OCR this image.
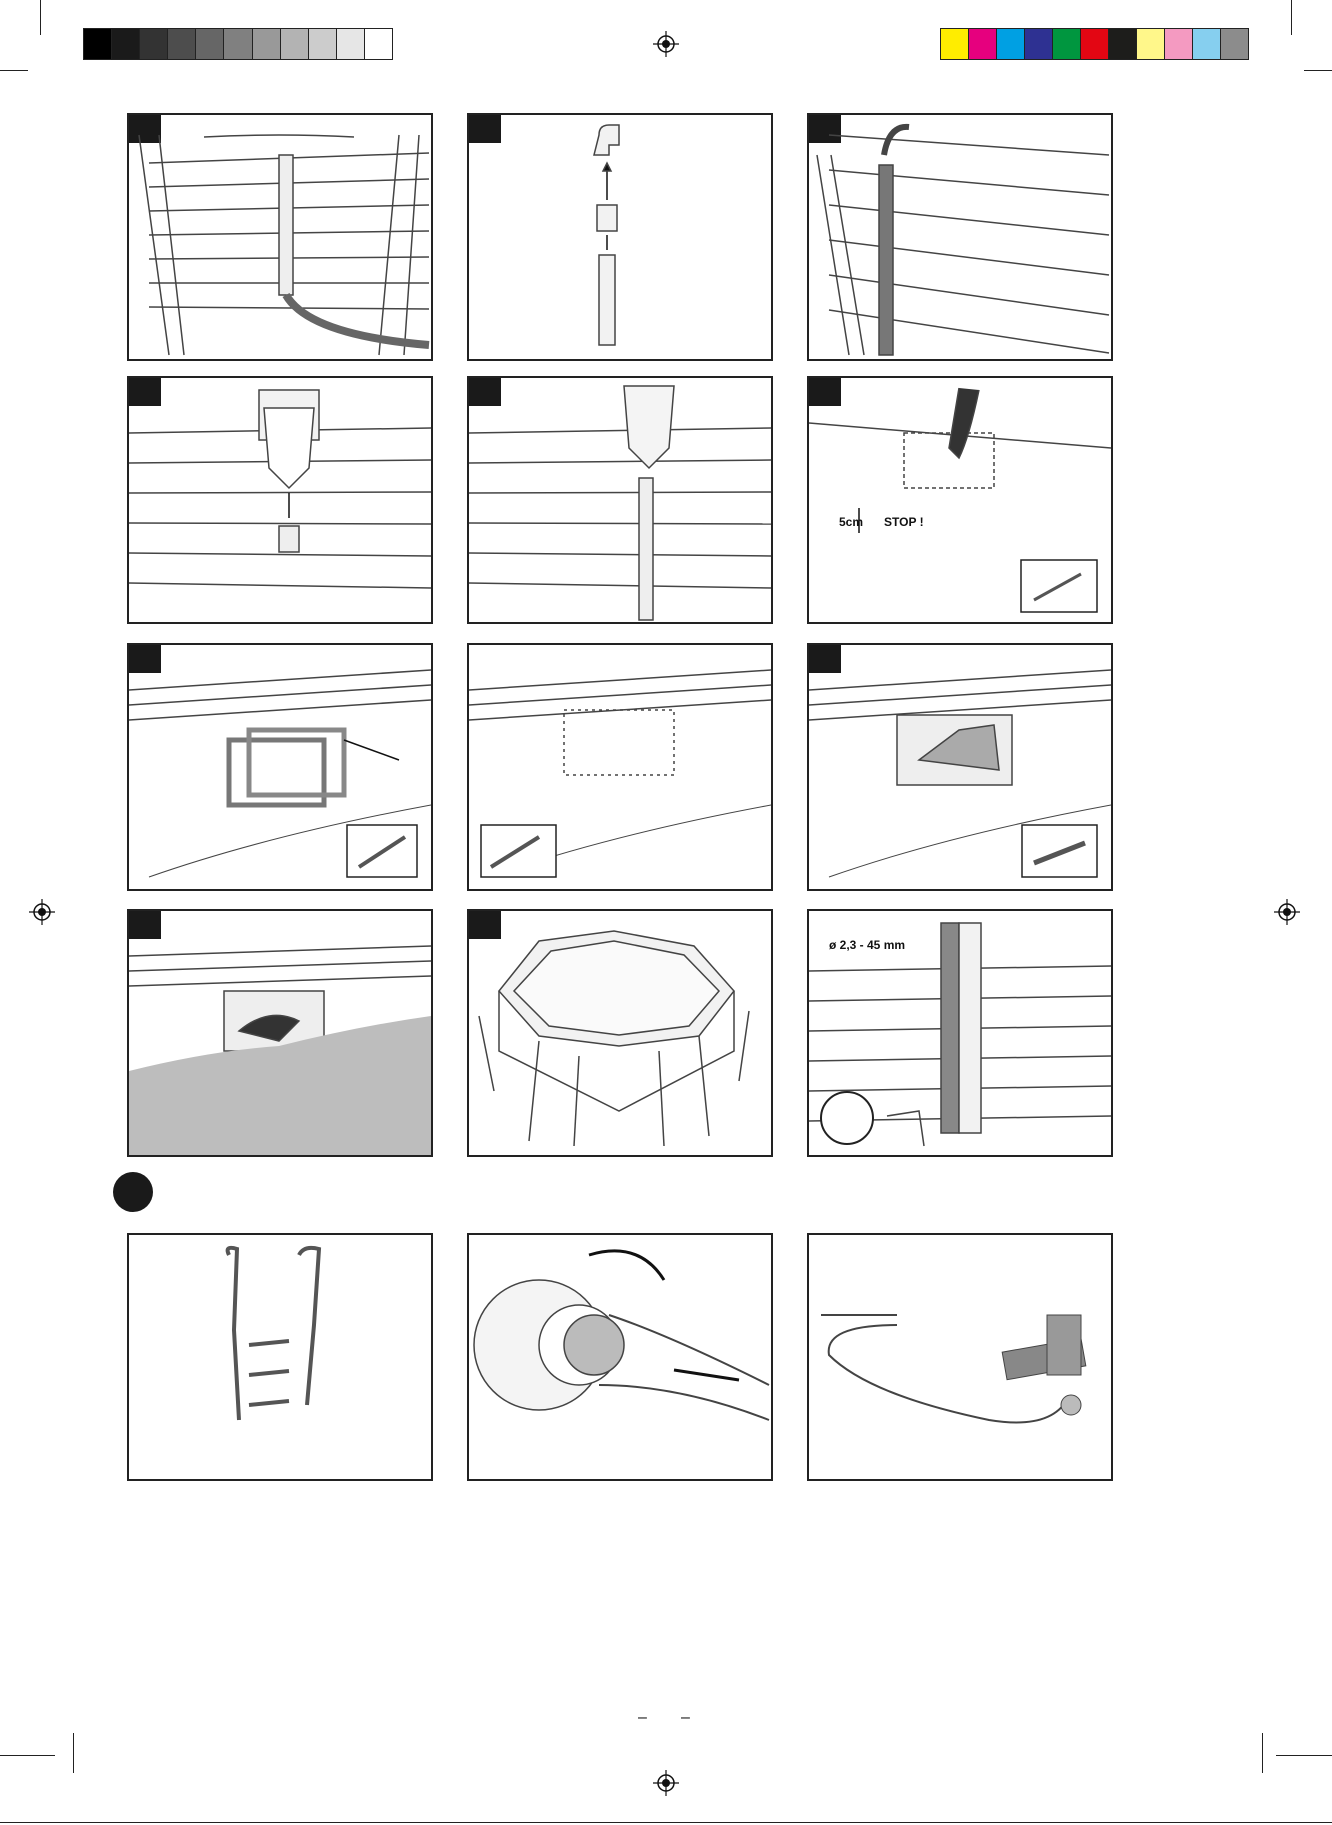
5cm STOP !
ø 2,3 - 45 mm
– –
